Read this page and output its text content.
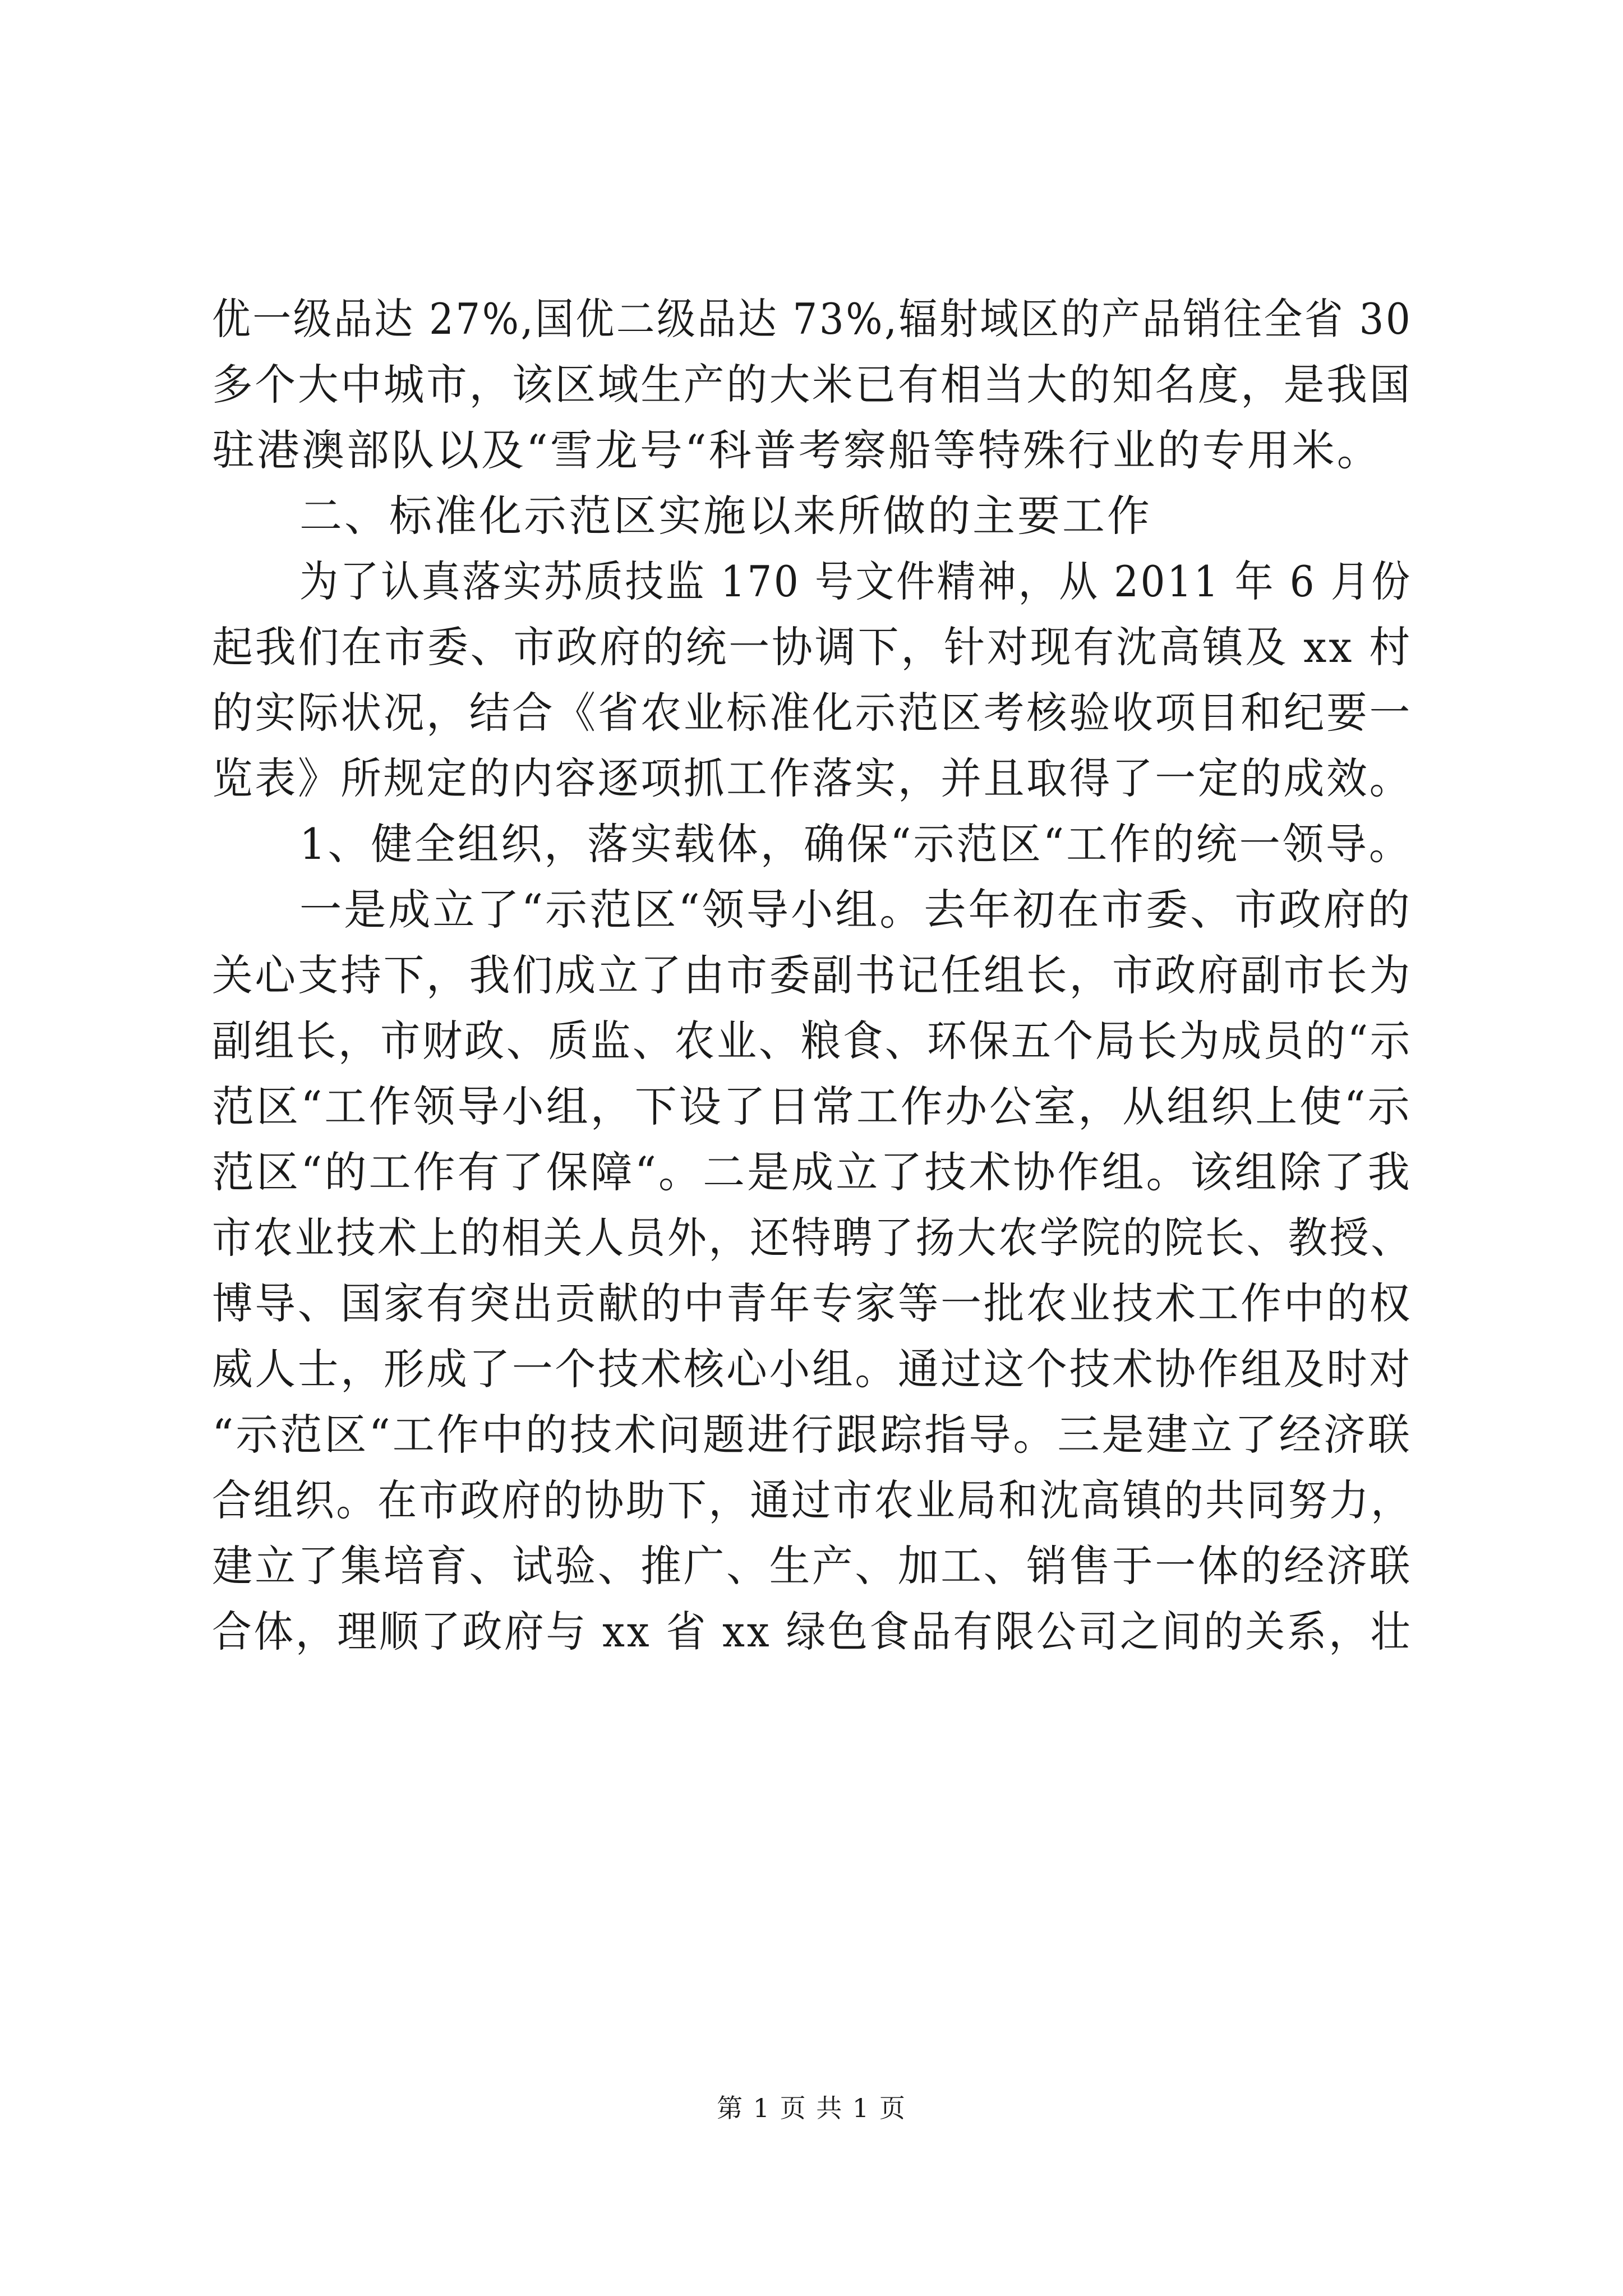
优一级品达 27%,国优二级品达 73%,辐射域区的产品销往全省 30
多个大中城市，该区域生产的大米已有相当大的知名度，是我国
驻港澳部队以及“雪龙号“科普考察船等特殊行业的专用米。
二、标准化示范区实施以来所做的主要工作
为了认真落实苏质技监 170 号文件精神，从 2011 年 6 月份
起我们在市委、市政府的统一协调下，针对现有沈高镇及 xx 村
的实际状况，结合《省农业标准化示范区考核验收项目和纪要一
览表》所规定的内容逐项抓工作落实，并且取得了一定的成效。
1、健全组织，落实载体，确保“示范区“工作的统一领导。
一是成立了“示范区“领导小组。去年初在市委、市政府的
关心支持下，我们成立了由市委副书记任组长，市政府副市长为
副组长，市财政、质监、农业、粮食、环保五个局长为成员的“示
范区“工作领导小组，下设了日常工作办公室，从组织上使“示
范区“的工作有了保障“。二是成立了技术协作组。该组除了我
市农业技术上的相关人员外，还特聘了扬大农学院的院长、教授、
博导、国家有突出贡献的中青年专家等一批农业技术工作中的权
威人士，形成了一个技术核心小组。通过这个技术协作组及时对
“示范区“工作中的技术问题进行跟踪指导。三是建立了经济联
合组织。在市政府的协助下，通过市农业局和沈高镇的共同努力，
建立了集培育、试验、推广、生产、加工、销售于一体的经济联
合体，理顺了政府与 xx 省 xx 绿色食品有限公司之间的关系，壮
第 1 页 共 1 页
